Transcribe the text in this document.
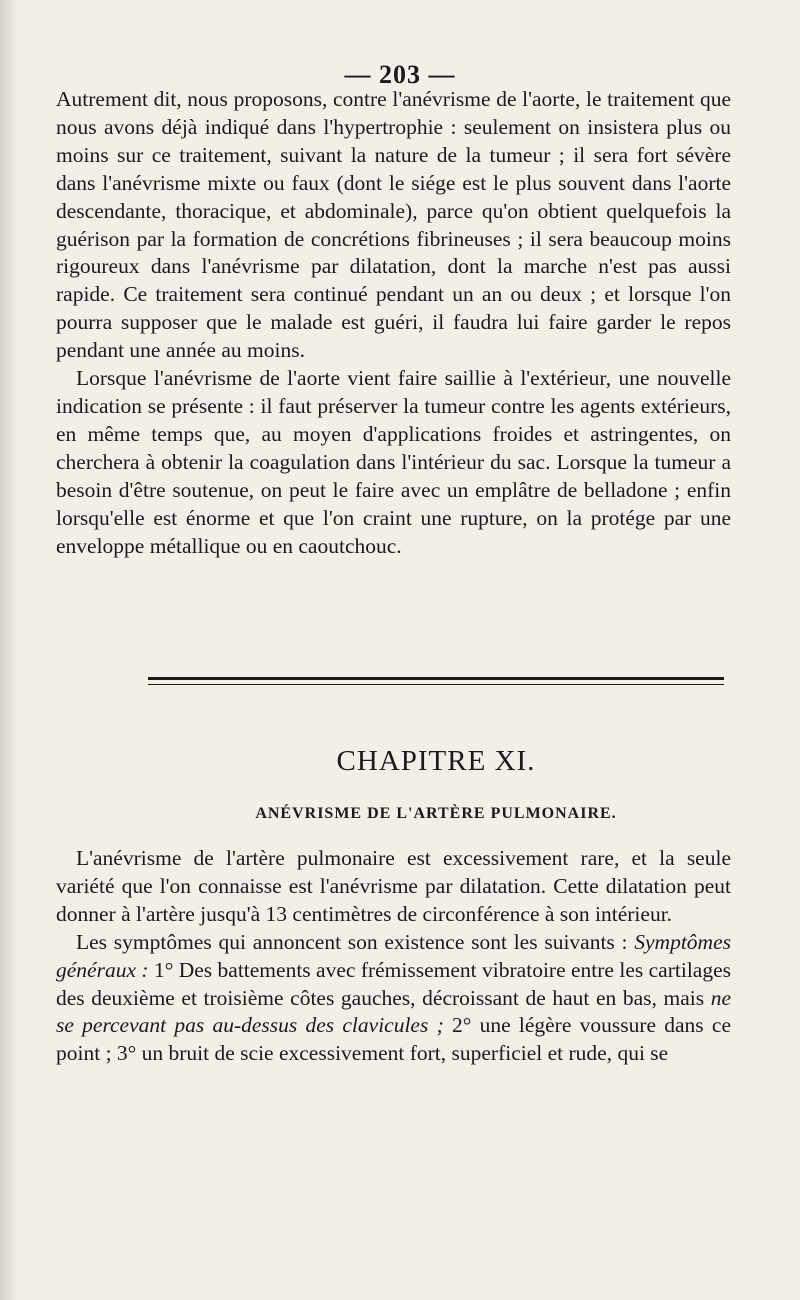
— 203 —

Autrement dit, nous proposons, contre l'anévrisme de l'aorte, le traitement que nous avons déjà indiqué dans l'hypertrophie : seulement on insistera plus ou moins sur ce traitement, suivant la nature de la tumeur ; il sera fort sévère dans l'anévrisme mixte ou faux (dont le siége est le plus souvent dans l'aorte descendante, thoracique, et abdominale), parce qu'on obtient quelquefois la guérison par la formation de concrétions fibrineuses ; il sera beaucoup moins rigoureux dans l'anévrisme par dilatation, dont la marche n'est pas aussi rapide. Ce traitement sera continué pendant un an ou deux ; et lorsque l'on pourra supposer que le malade est guéri, il faudra lui faire garder le repos pendant une année au moins.

Lorsque l'anévrisme de l'aorte vient faire saillie à l'extérieur, une nouvelle indication se présente : il faut préserver la tumeur contre les agents extérieurs, en même temps que, au moyen d'applications froides et astringentes, on cherchera à obtenir la coagulation dans l'intérieur du sac. Lorsque la tumeur a besoin d'être soutenue, on peut le faire avec un emplâtre de belladone ; enfin lorsqu'elle est énorme et que l'on craint une rupture, on la protége par une enveloppe métallique ou en caoutchouc.

CHAPITRE XI.
ANÉVRISME DE L'ARTÈRE PULMONAIRE.

L'anévrisme de l'artère pulmonaire est excessivement rare, et la seule variété que l'on connaisse est l'anévrisme par dilatation. Cette dilatation peut donner à l'artère jusqu'à 13 centimètres de circonférence à son intérieur.

Les symptômes qui annoncent son existence sont les suivants : Symptômes généraux : 1° Des battements avec frémissement vibratoire entre les cartilages des deuxième et troisième côtes gauches, décroissant de haut en bas, mais ne se percevant pas au-dessus des clavicules ; 2° une légère voussure dans ce point ; 3° un bruit de scie excessivement fort, superficiel et rude, qui se
